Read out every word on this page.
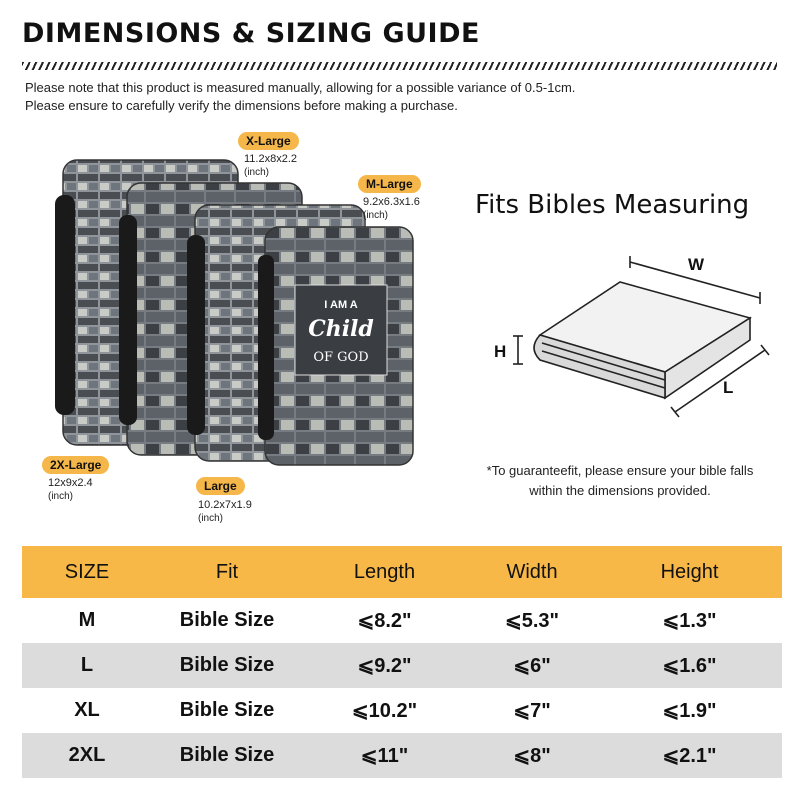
DIMENSIONS & SIZING GUIDE
Please note that this product is measured manually, allowing for a possible variance of 0.5-1cm.
Please ensure to carefully verify the dimensions before making a purchase.
I AM A
Child
OF GOD
X-Large
11.2x8x2.2
(inch)
M-Large
9.2x6.3x1.6
(inch)
2X-Large
12x9x2.4
(inch)
Large
10.2x7x1.9
(inch)
Fits Bibles Measuring
W
H
L
*To guaranteefit, please ensure your bible falls
within the dimensions provided.
SIZE	Fit	Length	Width	Height
M	Bible Size	⩽8.2"	⩽5.3"	⩽1.3"
L	Bible Size	⩽9.2"	⩽6"	⩽1.6"
XL	Bible Size	⩽10.2"	⩽7"	⩽1.9"
2XL	Bible Size	⩽11"	⩽8"	⩽2.1"
